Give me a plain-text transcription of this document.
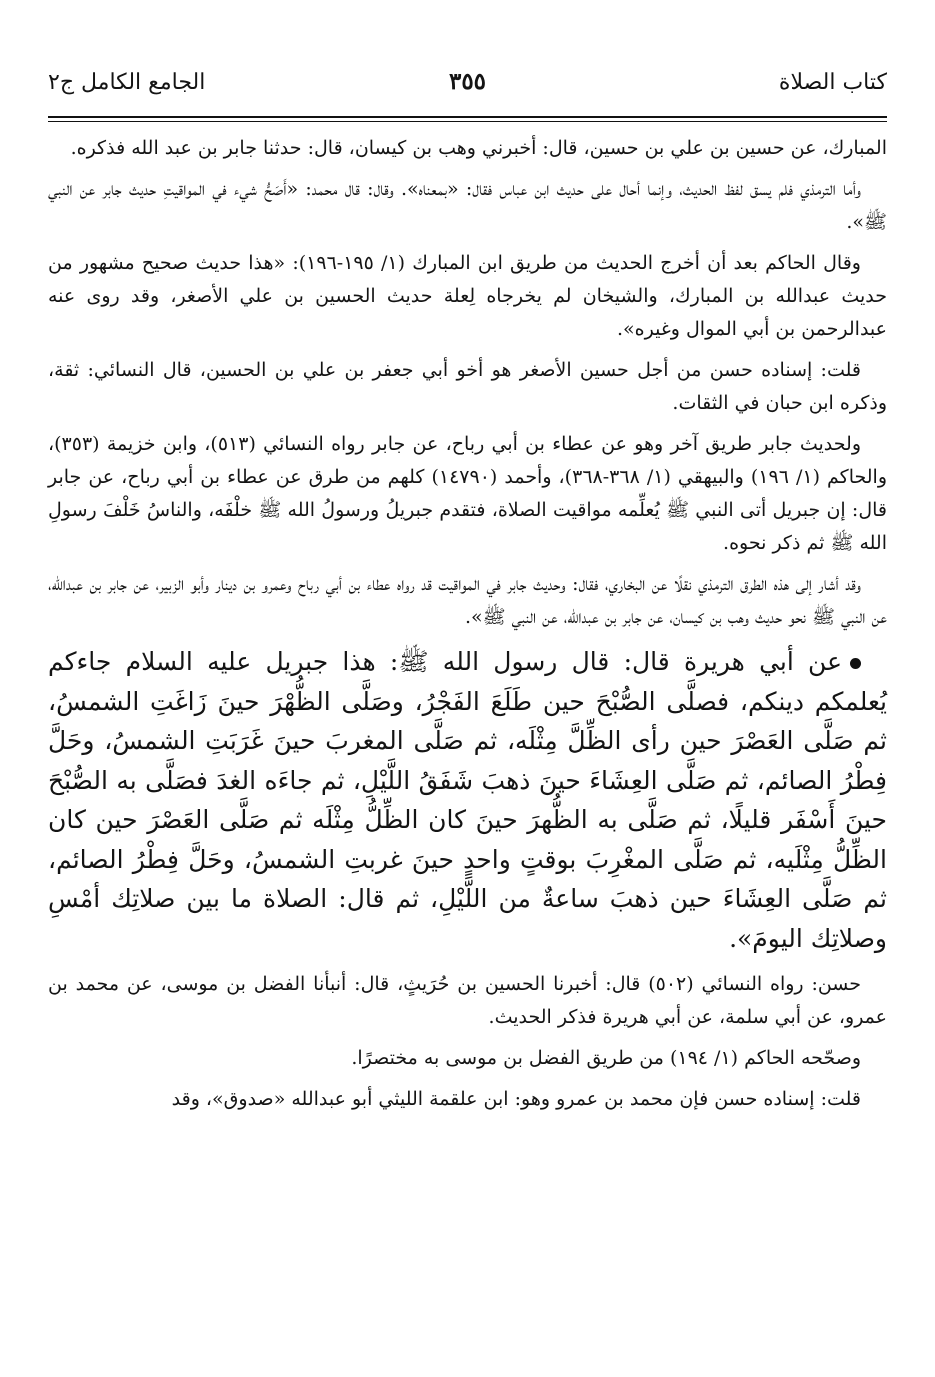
كتاب الصلاة
٣٥٥
الجامع الكامل ج٢

المبارك، عن حسين بن علي بن حسين، قال: أخبرني وهب بن كيسان، قال: حدثنا جابر بن عبد الله فذكره.

وأما الترمذي فلم يسق لفظ الحديث، وإنما أحال على حديث ابن عباس فقال: «بمعناه». وقال: قال محمد: «أَصَحُّ شيء في المواقيتِ حديث جابر عن النبي ﷺ».

وقال الحاكم بعد أن أخرج الحديث من طريق ابن المبارك (١/ ١٩٥-١٩٦): «هذا حديث صحيح مشهور من حديث عبدالله بن المبارك، والشيخان لم يخرجاه لِعلة حديث الحسين بن علي الأصغر، وقد روى عنه عبدالرحمن بن أبي الموال وغيره».

قلت: إسناده حسن من أجل حسين الأصغر هو أخو أبي جعفر بن علي بن الحسين، قال النسائي: ثقة، وذكره ابن حبان في الثقات.

ولحديث جابر طريق آخر وهو عن عطاء بن أبي رباح، عن جابر رواه النسائي (٥١٣)، وابن خزيمة (٣٥٣)، والحاكم (١/ ١٩٦) والبيهقي (١/ ٣٦٨-٣٦٨)، وأحمد (١٤٧٩٠) كلهم من طرق عن عطاء بن أبي رباح، عن جابر قال: إن جبريل أتى النبي ﷺ يُعلِّمه مواقيت الصلاة، فتقدم جبريلُ ورسولُ الله ﷺ خلْفَه، والناسُ خَلْفَ رسولِ الله ﷺ ثم ذكر نحوه.

وقد أشار إلى هذه الطرق الترمذي نقلًا عن البخاري، فقال: وحديث جابر في المواقيت قد رواه عطاء بن أبي رباح وعمرو بن دينار وأبو الزبير، عن جابر بن عبدالله، عن النبي ﷺ نحو حديث وهب بن كيسان، عن جابر بن عبدالله، عن النبي ﷺ».

عن أبي هريرة قال: قال رسول الله ﷺ: هذا جبريل عليه السلام جاءكم يُعلمكم دينكم، فصلَّى الصُّبْحَ حين طَلَعَ الفَجْرُ، وصَلَّى الظُّهْرَ حينَ زَاغَتِ الشمسُ، ثم صَلَّى العَصْرَ حين رأى الظِّلَّ مِثْلَه، ثم صَلَّى المغربَ حينَ غَرَبَتِ الشمسُ، وحَلَّ فِطْرُ الصائم، ثم صَلَّى العِشَاءَ حينَ ذهبَ شَفَقُ اللَّيْلِ، ثم جاءَه الغدَ فصَلَّى به الصُّبْحَ حينَ أَسْفَر قليلًا، ثم صَلَّى به الظُّهرَ حينَ كان الظِّلُّ مِثْلَه ثم صَلَّى العَصْرَ حين كان الظِّلُّ مِثْلَيه، ثم صَلَّى المغْرِبَ بوقتٍ واحدٍ حينَ غربتِ الشمسُ، وحَلَّ فِطْرُ الصائم، ثم صَلَّى العِشَاءَ حين ذهبَ ساعةٌ من اللَّيْلِ، ثم قال: الصلاة ما بين صلاتِك أمْسِ وصلاتِك اليومَ».

حسن: رواه النسائي (٥٠٢) قال: أخبرنا الحسين بن حُرَيثٍ، قال: أنبأنا الفضل بن موسى، عن محمد بن عمرو، عن أبي سلمة، عن أبي هريرة فذكر الحديث.

وصحّحه الحاكم (١/ ١٩٤) من طريق الفضل بن موسى به مختصرًا.

قلت: إسناده حسن فإن محمد بن عمرو وهو: ابن علقمة الليثي أبو عبدالله «صدوق»، وقد
